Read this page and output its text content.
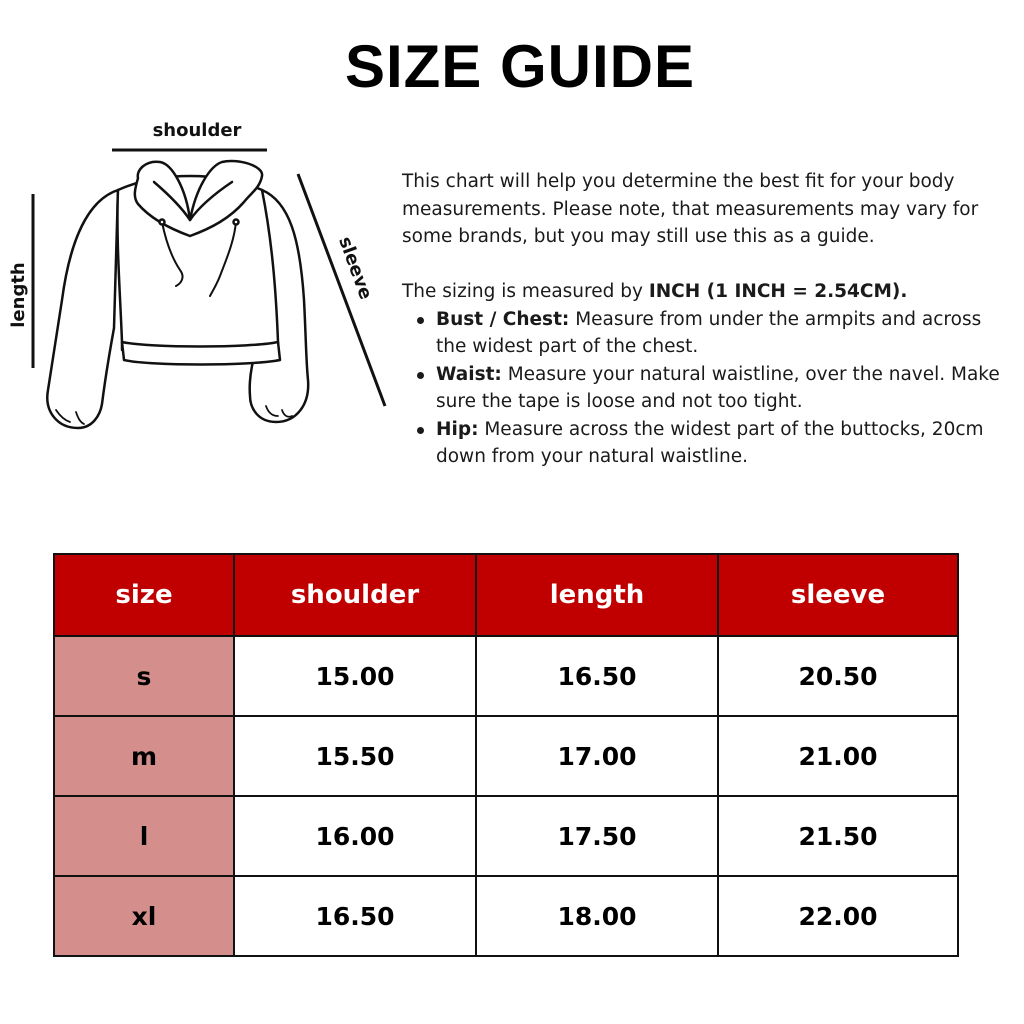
SIZE GUIDE
shoulder
length	sleeve

This chart will help you determine the best fit for your body measurements. Please note, that measurements may vary for some brands, but you may still use this as a guide.

The sizing is measured by INCH (1 INCH = 2.54CM).

Bust / Chest: Measure from under the armpits and across the widest part of the chest.
Waist: Measure your natural waistline, over the navel. Make sure the tape is loose and not too tight.
Hip: Measure across the widest part of the buttocks, 20cm down from your natural waistline.
size	shoulder	length	sleeve
s	15.00	16.50	20.50
m	15.50	17.00	21.00
l	16.00	17.50	21.50
xl	16.50	18.00	22.00
